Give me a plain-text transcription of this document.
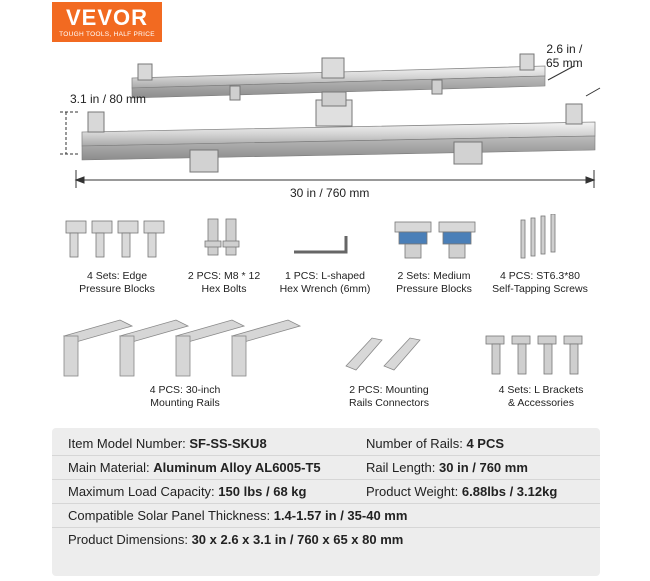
VEVOR
TOUGH TOOLS, HALF PRICE
3.1 in / 80 mm
2.6 in /
65 mm
30 in / 760 mm
4 Sets: Edge
Pressure Blocks
2 PCS: M8 * 12
Hex Bolts
1 PCS: L-shaped
Hex Wrench (6mm)
2 Sets: Medium
Pressure Blocks
4 PCS: ST6.3*80
Self-Tapping Screws
4 PCS: 30-inch
Mounting Rails
2 PCS: Mounting
Rails Connectors
4 Sets: L Brackets
& Accessories
Item Model Number: SF-SS-SKU8	Number of Rails: 4 PCS
Main Material: Aluminum Alloy AL6005-T5	Rail Length: 30 in / 760 mm
Maximum Load Capacity: 150 lbs / 68 kg	Product Weight: 6.88lbs / 3.12kg
Compatible Solar Panel Thickness: 1.4-1.57 in / 35-40 mm
Product Dimensions: 30 x 2.6 x 3.1 in / 760 x 65 x 80 mm
